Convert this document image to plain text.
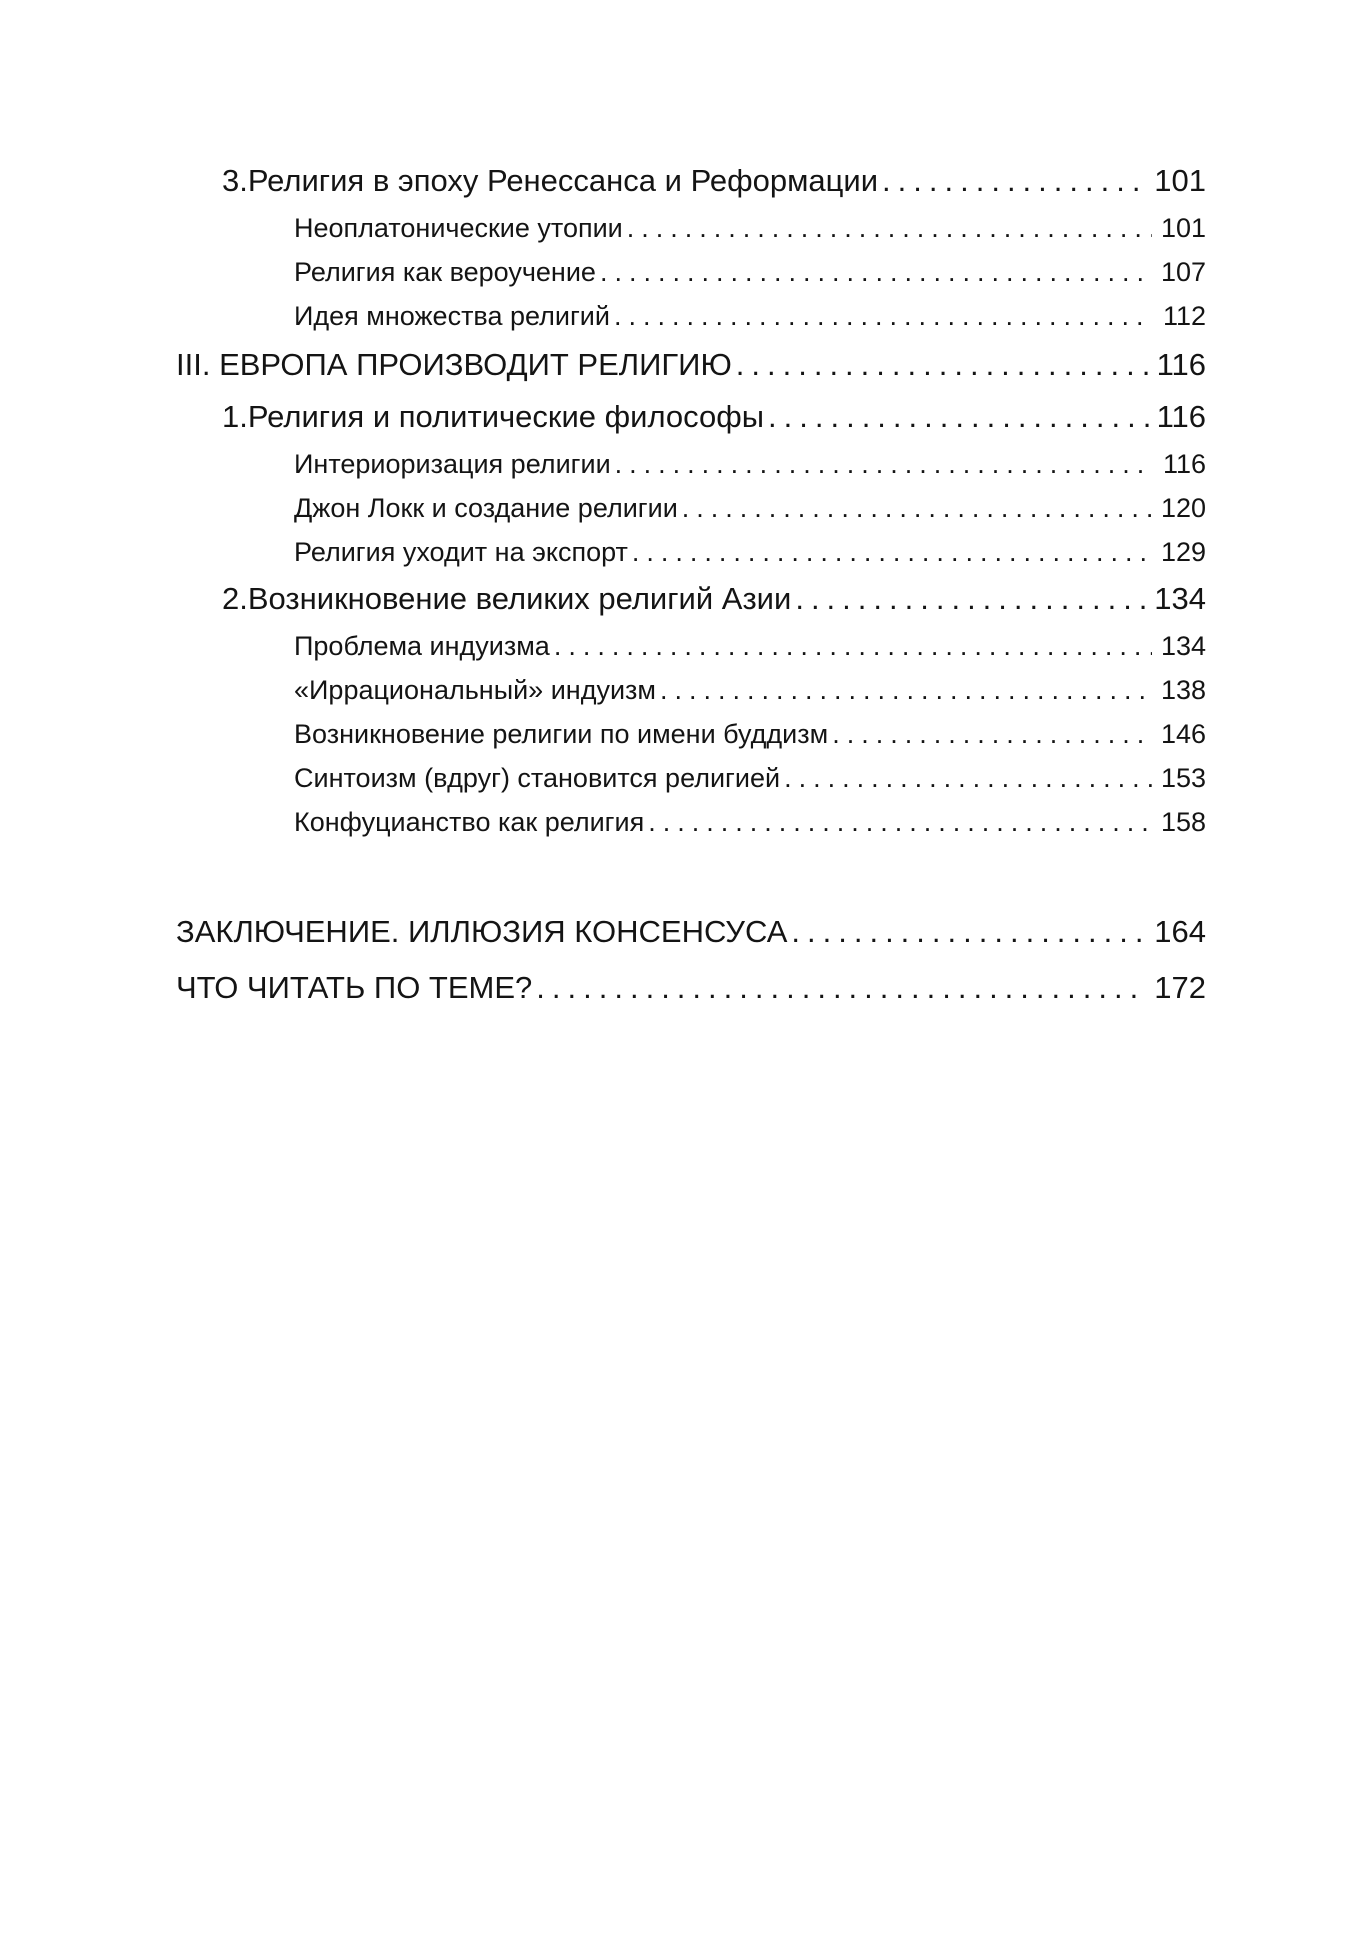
3. Религия в эпоху Ренессанса и Реформации .....	101
Неоплатонические утопии .....	101
Религия как вероучение .....	107
Идея множества религий .....	112
III. ЕВРОПА ПРОИЗВОДИТ РЕЛИГИЮ .....	116
1. Религия и политические философы .....	116
Интериоризация религии .....	116
Джон Локк и создание религии .....	120
Религия уходит на экспорт .....	129
2. Возникновение великих религий Азии .....	134
Проблема индуизма .....	134
«Иррациональный» индуизм .....	138
Возникновение религии по имени буддизм .....	146
Синтоизм (вдруг) становится религией .....	153
Конфуцианство как религия .....	158
ЗАКЛЮЧЕНИЕ. ИЛЛЮЗИЯ КОНСЕНСУСА .....	164
ЧТО ЧИТАТЬ ПО ТЕМЕ? .....	172
